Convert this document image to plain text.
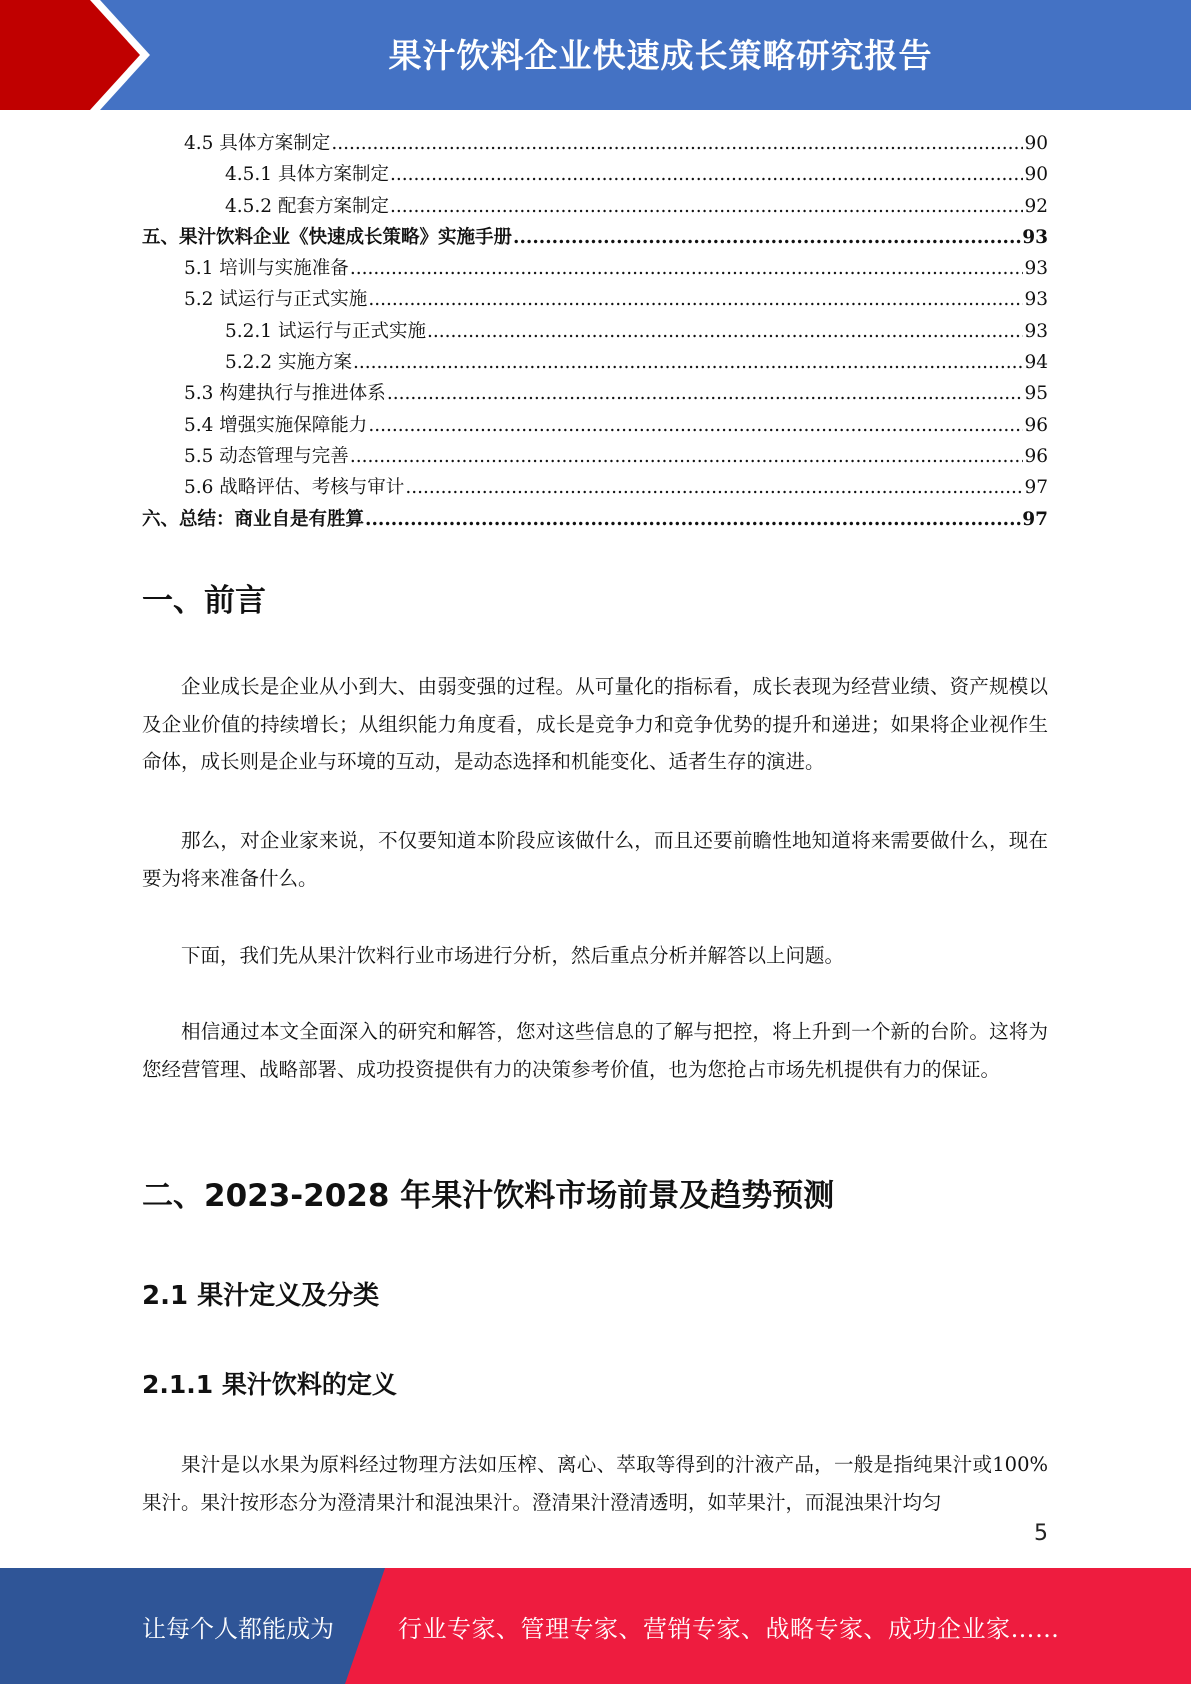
果汁饮料企业快速成长策略研究报告
4.5 具体方案制定 .....	90
4.5.1 具体方案制定 .....	90
4.5.2 配套方案制定 .....	92
五、果汁饮料企业《快速成长策略》实施手册 .....	93
5.1 培训与实施准备 .....	93
5.2 试运行与正式实施 .....	93
5.2.1 试运行与正式实施 .....	93
5.2.2 实施方案 .....	94
5.3 构建执行与推进体系 .....	95
5.4 增强实施保障能力 .....	96
5.5 动态管理与完善 .....	96
5.6 战略评估、考核与审计 .....	97
六、总结：商业自是有胜算 .....	97
一、前言

企业成长是企业从小到大、由弱变强的过程。从可量化的指标看，成长表现为经营业绩、资产规模以及企业价值的持续增长；从组织能力角度看，成长是竞争力和竞争优势的提升和递进；如果将企业视作生命体，成长则是企业与环境的互动，是动态选择和机能变化、适者生存的演进。

那么，对企业家来说，不仅要知道本阶段应该做什么，而且还要前瞻性地知道将来需要做什么，现在要为将来准备什么。

下面，我们先从果汁饮料行业市场进行分析，然后重点分析并解答以上问题。

相信通过本文全面深入的研究和解答，您对这些信息的了解与把控，将上升到一个新的台阶。这将为您经营管理、战略部署、成功投资提供有力的决策参考价值，也为您抢占市场先机提供有力的保证。

二、2023-2028 年果汁饮料市场前景及趋势预测
2.1 果汁定义及分类
2.1.1 果汁饮料的定义

果汁是以水果为原料经过物理方法如压榨、离心、萃取等得到的汁液产品，一般是指纯果汁或100%果汁。果汁按形态分为澄清果汁和混浊果汁。澄清果汁澄清透明，如苹果汁，而混浊果汁均匀

5
让每个人都能成为	行业专家、管理专家、营销专家、战略专家、成功企业家……
